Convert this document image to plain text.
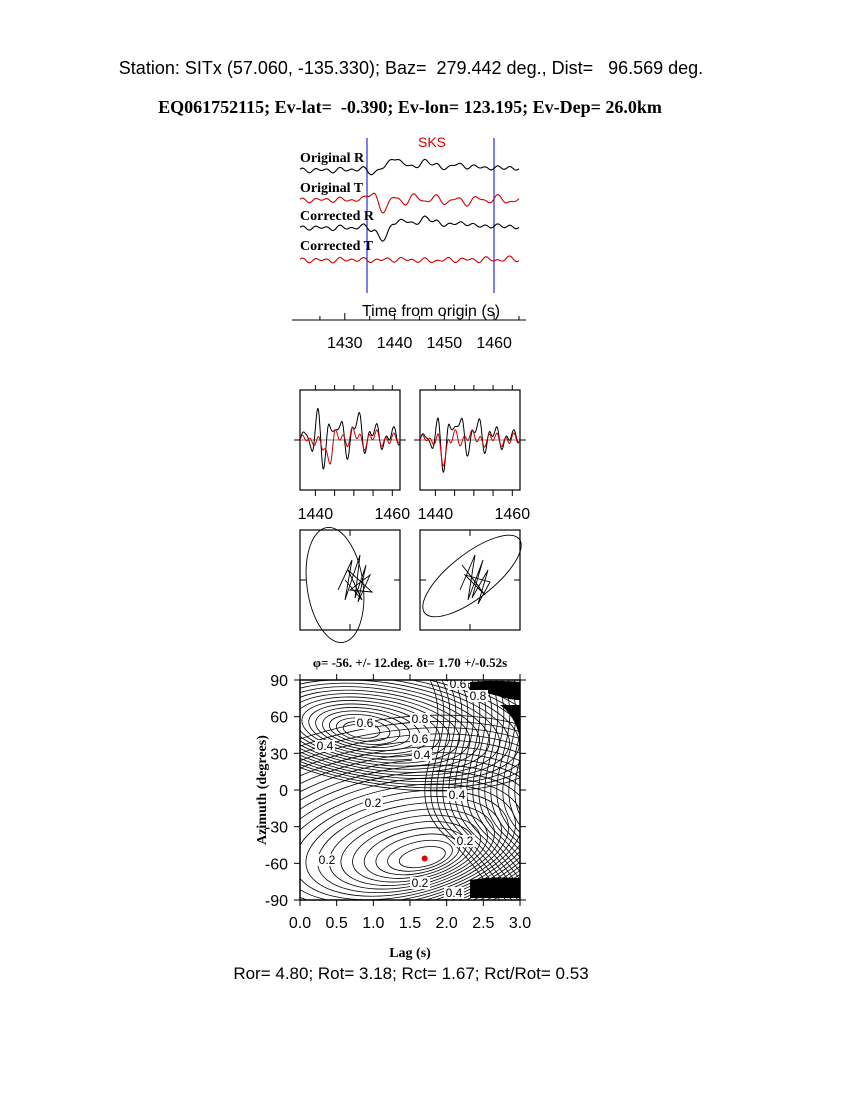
Station: SITx (57.060, -135.330); Baz=  279.442 deg., Dist=   96.569 deg.
EQ061752115; Ev-lat=  -0.390; Ev-lon= 123.195; Ev-Dep= 26.0km
SKS
Original R
Original T
Corrected R
Corrected T
Time from origin (s)
1430 1440 1450 1460
1440	1460 1440	1460
φ= -56. +/- 12.deg. δt= 1.70 +/-0.52s
0.6
0.8
0.6	0.8
0.6
0.4
0.4
0.4
0.2
0.2
0.2
0.2
0.4
0.0 0.5 1.0 1.5 2.0 2.5 3.0
90
60
30
0
-30
-60
-90
Lag (s)
Azimuth (degrees)
Ror= 4.80; Rot= 3.18; Rct= 1.67; Rct/Rot= 0.53
